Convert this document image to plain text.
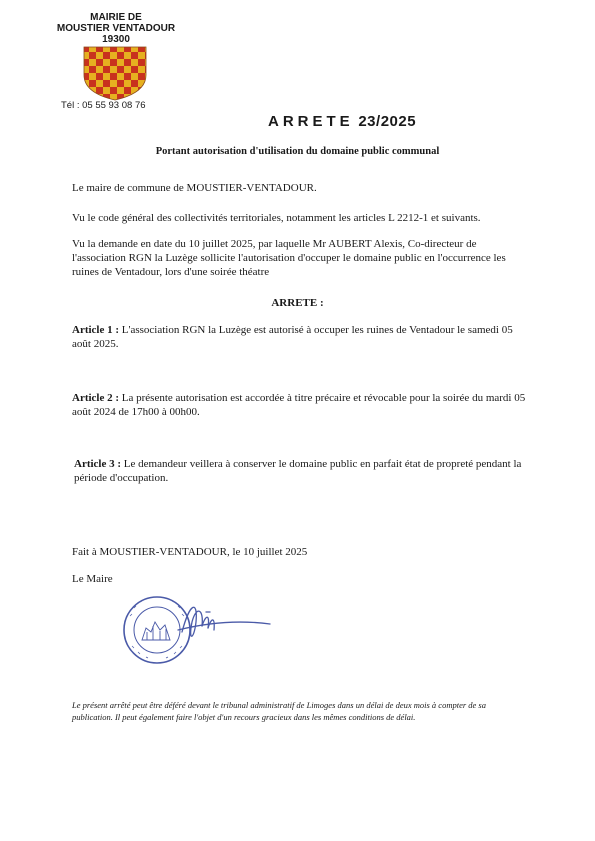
MAIRIE DE
MOUSTIER VENTADOUR
19300
Tél : 05 55 93 08 76
ARRETE 23/2025
Portant autorisation d'utilisation du domaine public communal
Le maire de commune de MOUSTIER-VENTADOUR.
Vu le code général des collectivités territoriales, notamment les articles L 2212-1 et suivants.
Vu la demande en date du 10 juillet 2025, par laquelle Mr AUBERT Alexis, Co-directeur de l'association RGN la Luzège sollicite l'autorisation d'occuper le domaine public en l'occurrence les ruines de Ventadour, lors d'une soirée théatre
ARRETE :
Article 1 : L'association RGN la Luzège est autorisé à occuper les ruines de Ventadour le samedi 05 août 2025.
Article 2 : La présente autorisation est accordée à titre précaire et révocable pour la soirée du mardi 05 août 2024 de 17h00 à 00h00.
Article 3 : Le demandeur veillera à conserver le domaine public en parfait état de propreté pendant la période d'occupation.
Fait à MOUSTIER-VENTADOUR, le 10 juillet 2025
Le Maire
Le présent arrêté peut être déféré devant le tribunal administratif de Limoges dans un délai de deux mois à compter de sa publication. Il peut également faire l'objet d'un recours gracieux dans les mêmes conditions de délai.
